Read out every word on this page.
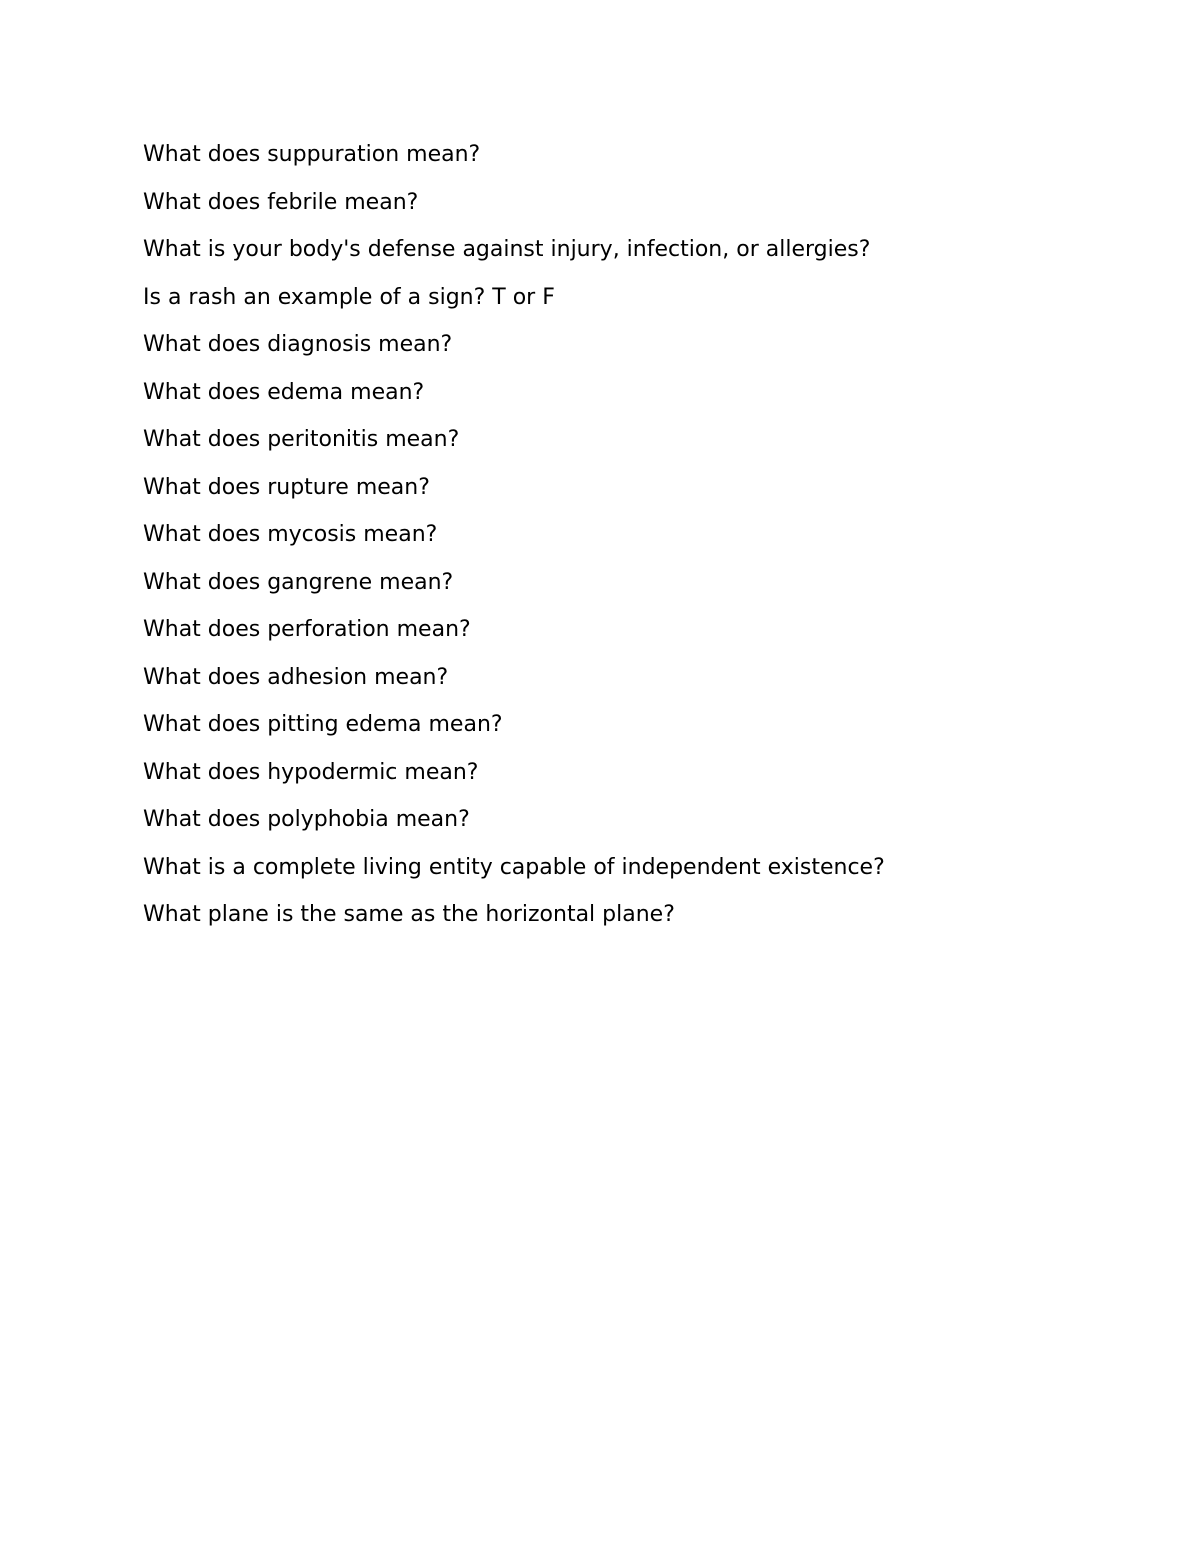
What does suppuration mean?
What does febrile mean?
What is your body's defense against injury, infection, or allergies?
Is a rash an example of a sign? T or F
What does diagnosis mean?
What does edema mean?
What does peritonitis mean?
What does rupture mean?
What does mycosis mean?
What does gangrene mean?
What does perforation mean?
What does adhesion mean?
What does pitting edema mean?
What does hypodermic mean?
What does polyphobia mean?
What is a complete living entity capable of independent existence?
What plane is the same as the horizontal plane?
